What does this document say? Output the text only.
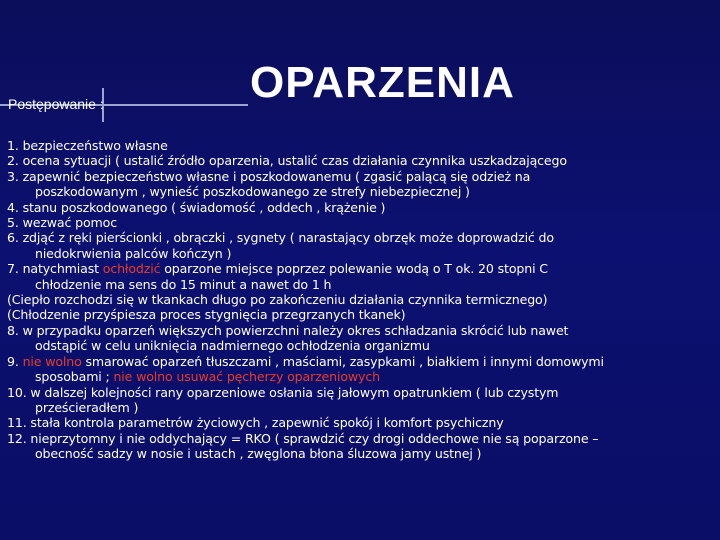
OPARZENIA
Postępowanie :
1. bezpieczeństwo własne
2. ocena sytuacji ( ustalić źródło oparzenia, ustalić czas działania czynnika uszkadzającego
3. zapewnić bezpieczeństwo własne i poszkodowanemu ( zgasić palącą się odzież na
poszkodowanym , wynieść poszkodowanego ze strefy niebezpiecznej )
4. stanu poszkodowanego ( świadomość , oddech , krążenie )
5. wezwać pomoc
6. zdjąć z ręki pierścionki , obrączki , sygnety ( narastający obrzęk może doprowadzić do
niedokrwienia palców kończyn )
7. natychmiast ochłodzić oparzone miejsce poprzez polewanie wodą o T ok. 20 stopni C
chłodzenie ma sens do 15 minut a nawet do 1 h
(Ciepło rozchodzi się w tkankach długo po zakończeniu działania czynnika termicznego)
(Chłodzenie przyśpiesza proces stygnięcia przegrzanych tkanek)
8. w przypadku oparzeń większych powierzchni należy okres schładzania skrócić lub nawet
odstąpić w celu uniknięcia nadmiernego ochłodzenia organizmu
9. nie wolno smarować oparzeń tłuszczami , maściami, zasypkami , białkiem i innymi domowymi
sposobami ; nie wolno usuwać pęcherzy oparzeniowych
10. w dalszej kolejności rany oparzeniowe osłania się jałowym opatrunkiem ( lub czystym
prześcieradłem )
11. stała kontrola parametrów życiowych , zapewnić spokój i komfort psychiczny
12. nieprzytomny i nie oddychający = RKO ( sprawdzić czy drogi oddechowe nie są poparzone –
obecność sadzy w nosie i ustach , zwęglona błona śluzowa jamy ustnej )
